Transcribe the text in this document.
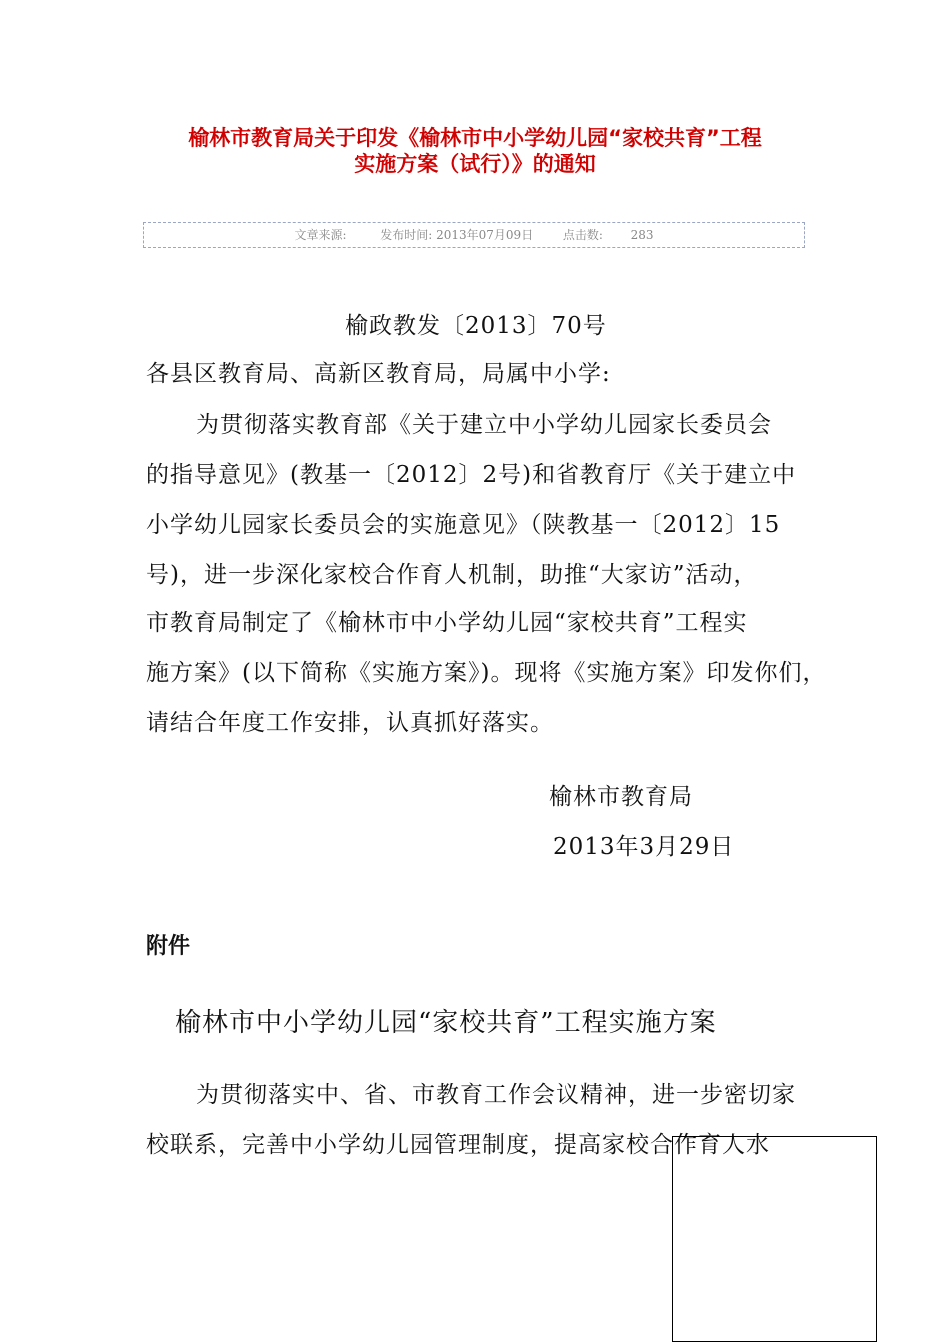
榆林市教育局关于印发《榆林市中小学幼儿园“家校共育”工程
实施方案（试行）》的通知
文章来源:	发布时间: 2013年07月09日 点击数: 283
榆政教发〔2013〕70号
各县区教育局、高新区教育局，局属中小学:
为贯彻落实教育部《关于建立中小学幼儿园家长委员会
的指导意见》(教基一〔2012〕2号)和省教育厅《关于建立中
小学幼儿园家长委员会的实施意见》（陕教基一〔2012〕15
号)，进一步深化家校合作育人机制，助推“大家访”活动，
市教育局制定了《榆林市中小学幼儿园“家校共育”工程实
施方案》(以下简称《实施方案》)。现将《实施方案》印发你们，
请结合年度工作安排，认真抓好落实。
榆林市教育局
2013年3月29日
附件
榆林市中小学幼儿园“家校共育”工程实施方案
为贯彻落实中、省、市教育工作会议精神，进一步密切家
校联系，完善中小学幼儿园管理制度，提高家校合作育人水
